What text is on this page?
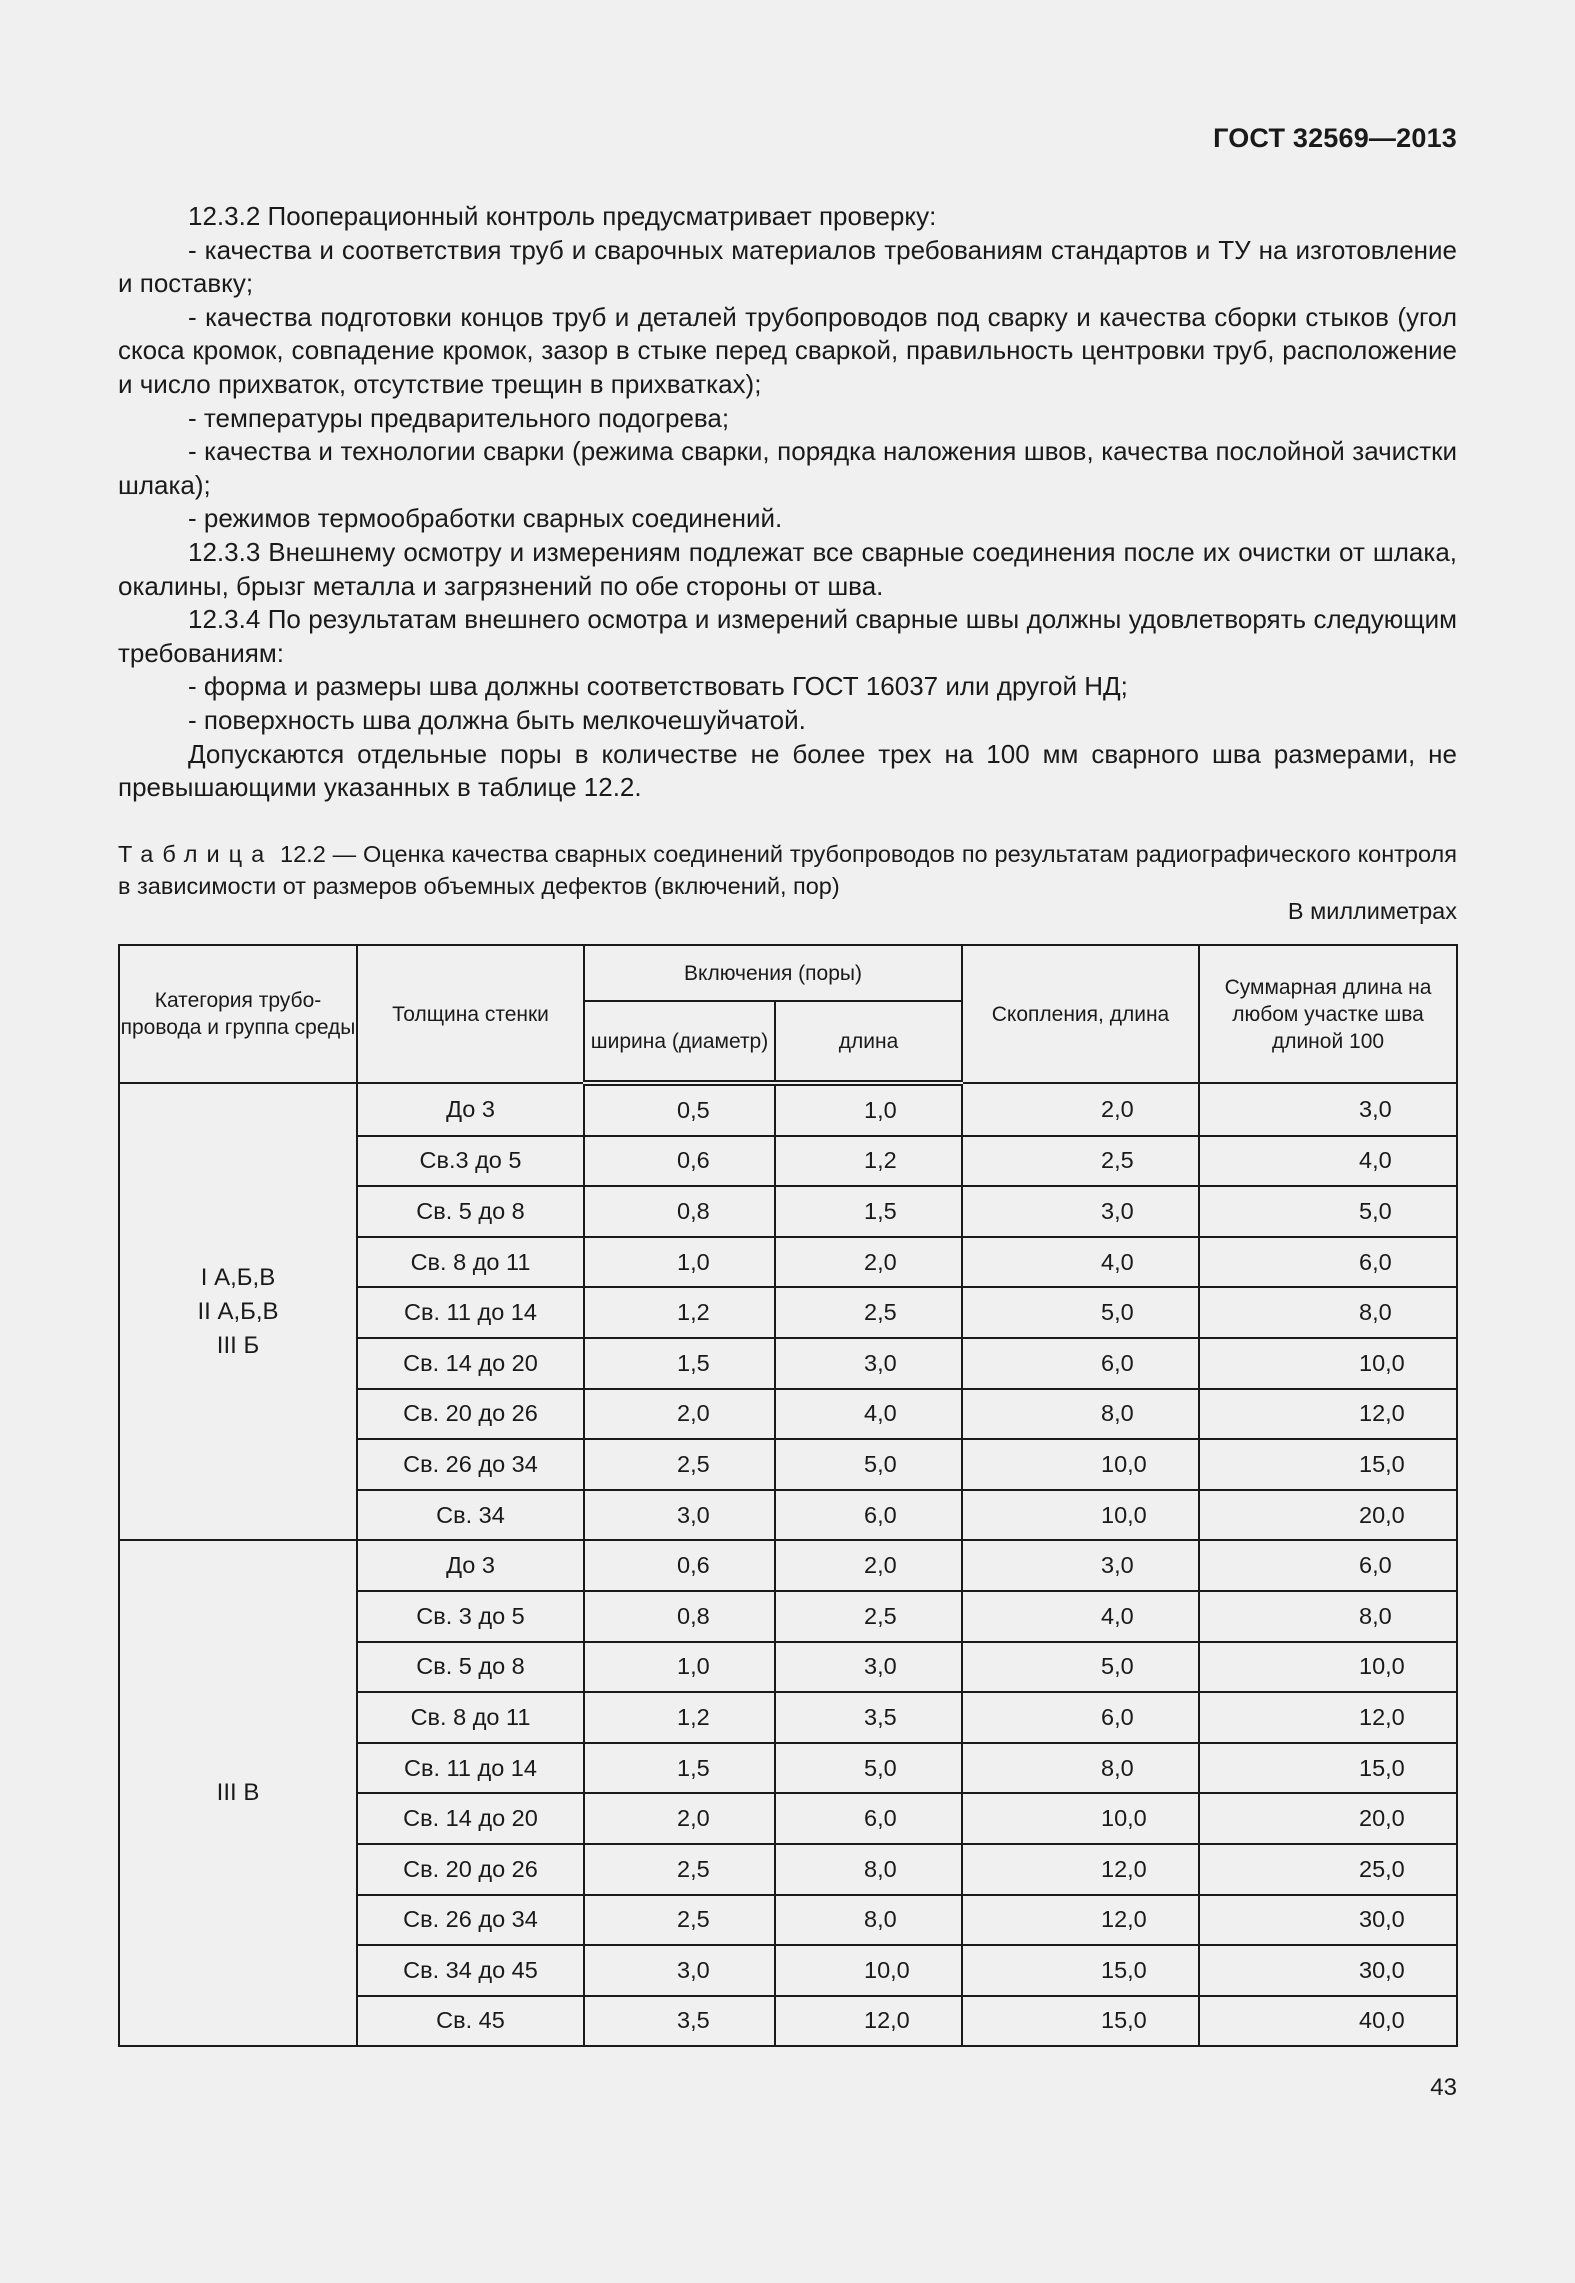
ГОСТ 32569—2013

12.3.2 Пооперационный контроль предусматривает проверку:

- качества и соответствия труб и сварочных материалов требованиям стандартов и ТУ на изготовление и поставку;

- качества подготовки концов труб и деталей трубопроводов под сварку и качества сборки стыков (угол скоса кромок, совпадение кромок, зазор в стыке перед сваркой, правильность центровки труб, расположение и число прихваток, отсутствие трещин в прихватках);

- температуры предварительного подогрева;

- качества и технологии сварки (режима сварки, порядка наложения швов, качества послойной зачистки шлака);

- режимов термообработки сварных соединений.

12.3.3 Внешнему осмотру и измерениям подлежат все сварные соединения после их очистки от шлака, окалины, брызг металла и загрязнений по обе стороны от шва.

12.3.4 По результатам внешнего осмотра и измерений сварные швы должны удовлетворять следующим требованиям:

- форма и размеры шва должны соответствовать ГОСТ 16037 или другой НД;

- поверхность шва должна быть мелкочешуйчатой.

Допускаются отдельные поры в количестве не более трех на 100 мм сварного шва размерами, не превышающими указанных в таблице 12.2.

Таблица 12.2 — Оценка качества сварных соединений трубопроводов по результатам радиографического контроля в зависимости от размеров объемных дефектов (включений, пор)
В миллиметрах
Категория трубо-провода и группа среды	Толщина стенки	Включения (поры)		Скопления, длина	Суммарная длина на любом участке шва длиной 100
		ширина (диаметр)	длина		

I А,Б,В
II А,Б,В
III Б	До 3	0,5	1,0	2,0	3,0
	Св.3 до 5	0,6	1,2	2,5	4,0
	Св. 5 до 8	0,8	1,5	3,0	5,0
	Св. 8 до 11	1,0	2,0	4,0	6,0
	Св. 11 до 14	1,2	2,5	5,0	8,0
	Св. 14 до 20	1,5	3,0	6,0	10,0
	Св. 20 до 26	2,0	4,0	8,0	12,0
	Св. 26 до 34	2,5	5,0	10,0	15,0
	Св. 34	3,0	6,0	10,0	20,0

III В	До 3	0,6	2,0	3,0	6,0
	Св. 3 до 5	0,8	2,5	4,0	8,0
	Св. 5 до 8	1,0	3,0	5,0	10,0
	Св. 8 до 11	1,2	3,5	6,0	12,0
	Св. 11 до 14	1,5	5,0	8,0	15,0
	Св. 14 до 20	2,0	6,0	10,0	20,0
	Св. 20 до 26	2,5	8,0	12,0	25,0
	Св. 26 до 34	2,5	8,0	12,0	30,0
	Св. 34 до 45	3,0	10,0	15,0	30,0
	Св. 45	3,5	12,0	15,0	40,0
43
